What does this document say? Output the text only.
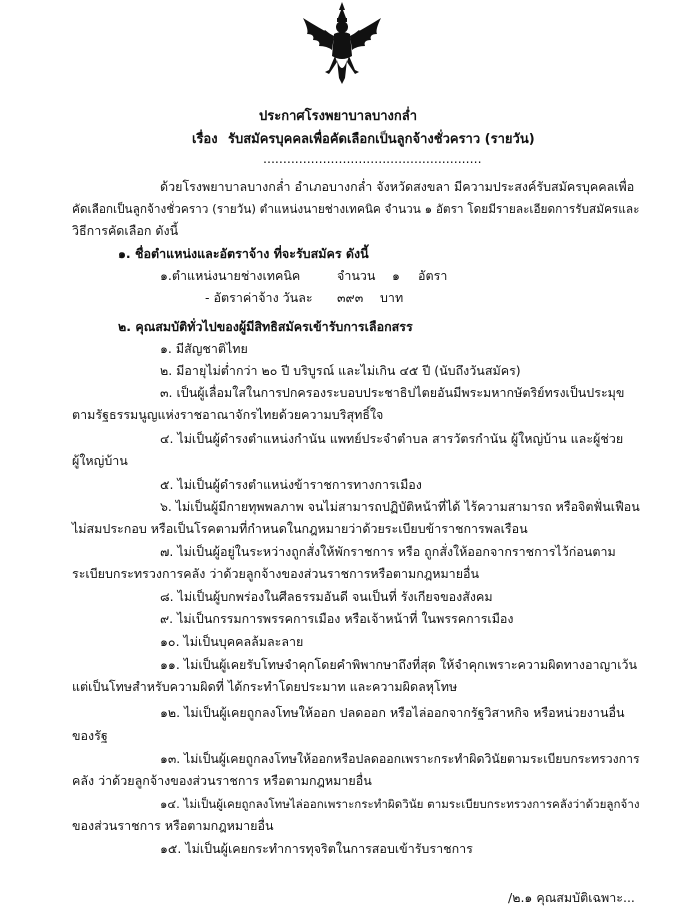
ประกาศโรงพยาบาลบางกล่ำ
เรื่อง รับสมัครบุคคลเพื่อคัดเลือกเป็นลูกจ้างชั่วคราว (รายวัน)
.......................................................
ด้วยโรงพยาบาลบางกล่ำ อำเภอบางกล่ำ จังหวัดสงขลา มีความประสงค์รับสมัครบุคคลเพื่อ
คัดเลือกเป็นลูกจ้างชั่วคราว (รายวัน) ตำแหน่งนายช่างเทคนิค จำนวน ๑ อัตรา โดยมีรายละเอียดการรับสมัครและ
วิธีการคัดเลือก ดังนี้
๑. ชื่อตำแหน่งและอัตราจ้าง ที่จะรับสมัคร ดังนี้
๑.ตำแหน่งนายช่างเทคนิค	จำนวน ๑ อัตรา
- อัตราค่าจ้าง วันละ ๓๙๓ บาท
๒. คุณสมบัติทั่วไปของผู้มีสิทธิสมัครเข้ารับการเลือกสรร
๑. มีสัญชาติไทย
๒. มีอายุไม่ต่ำกว่า ๒๐ ปี บริบูรณ์ และไม่เกิน ๔๕ ปี (นับถึงวันสมัคร)
๓. เป็นผู้เลื่อมใสในการปกครองระบอบประชาธิปไตยอันมีพระมหากษัตริย์ทรงเป็นประมุข
ตามรัฐธรรมนูญแห่งราชอาณาจักรไทยด้วยความบริสุทธิ์ใจ
๔. ไม่เป็นผู้ดำรงตำแหน่งกำนัน แพทย์ประจำตำบล สารวัตรกำนัน ผู้ใหญ่บ้าน และผู้ช่วย
ผู้ใหญ่บ้าน
๕. ไม่เป็นผู้ดำรงตำแหน่งข้าราชการทางการเมือง
๖. ไม่เป็นผู้มีกายทุพพลภาพ จนไม่สามารถปฏิบัติหน้าที่ได้ ไร้ความสามารถ หรือจิตฟั่นเฟือน
ไม่สมประกอบ หรือเป็นโรคตามที่กำหนดในกฎหมายว่าด้วยระเบียบข้าราชการพลเรือน
๗. ไม่เป็นผู้อยู่ในระหว่างถูกสั่งให้พักราชการ หรือ ถูกสั่งให้ออกจากราชการไว้ก่อนตาม
ระเบียบกระทรวงการคลัง ว่าด้วยลูกจ้างของส่วนราชการหรือตามกฎหมายอื่น
๘. ไม่เป็นผู้บกพร่องในศีลธรรมอันดี จนเป็นที่ รังเกียจของสังคม
๙. ไม่เป็นกรรมการพรรคการเมือง หรือเจ้าหน้าที่ ในพรรคการเมือง
๑๐. ไม่เป็นบุคคลล้มละลาย
๑๑. ไม่เป็นผู้เคยรับโทษจำคุกโดยคำพิพากษาถึงที่สุด ให้จำคุกเพราะความผิดทางอาญาเว้น
แต่เป็นโทษสำหรับความผิดที่ ได้กระทำโดยประมาท และความผิดลหุโทษ
๑๒. ไม่เป็นผู้เคยถูกลงโทษให้ออก ปลดออก หรือไล่ออกจากรัฐวิสาหกิจ หรือหน่วยงานอื่น
ของรัฐ
๑๓. ไม่เป็นผู้เคยถูกลงโทษให้ออกหรือปลดออกเพราะกระทำผิดวินัยตามระเบียบกระทรวงการ
คลัง ว่าด้วยลูกจ้างของส่วนราชการ หรือตามกฎหมายอื่น
๑๔. ไม่เป็นผู้เคยถูกลงโทษไล่ออกเพราะกระทำผิดวินัย ตามระเบียบกระทรวงการคลังว่าด้วยลูกจ้าง
ของส่วนราชการ หรือตามกฎหมายอื่น
๑๕. ไม่เป็นผู้เคยกระทำการทุจริตในการสอบเข้ารับราชการ
/๒.๑ คุณสมบัติเฉพาะ...
